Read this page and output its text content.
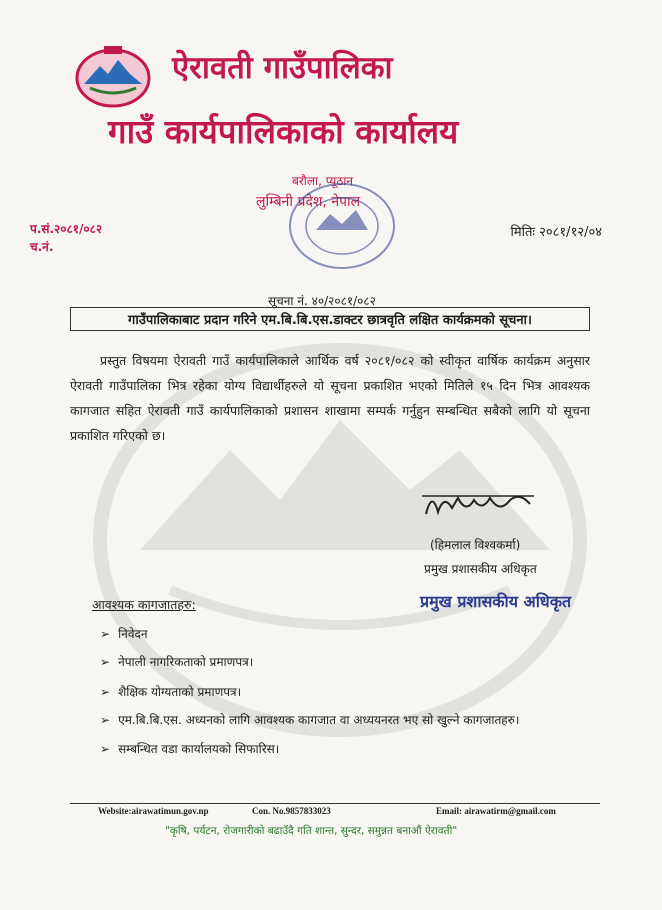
ऐरावती गाउँपालिका
गाउँ कार्यपालिकाको कार्यालय
बरौला, प्यूठान
लुम्बिनी प्रदेश, नेपाल
प.सं.२०८१/०८२
च.नं.
मितिः २०८१/१२/०४
सूचना नं. ४०/२०८१/०८२
गाउँपालिकाबाट प्रदान गरिने एम.बि.बि.एस.डाक्टर छात्रवृति लक्षित कार्यक्रमको सूचना।
प्रस्तुत विषयमा ऐरावती गाउँ कार्यपालिकाले आर्थिक वर्ष २०८१/०८२ को स्वीकृत वार्षिक कार्यक्रम अनुसार ऐरावती गाउँपालिका भित्र रहेका योग्य विद्यार्थीहरुले यो सूचना प्रकाशित भएको मितिले १५ दिन भित्र आवश्यक कागजात सहित ऐरावती गाउँ कार्यपालिकाको प्रशासन शाखामा सम्पर्क गर्नुहुन सम्बन्धित सबैको लागि यो सूचना प्रकाशित गरिएको छ।
(हिमलाल विश्वकर्मा)
प्रमुख प्रशासकीय अधिकृत
प्रमुख प्रशासकीय अधिकृत
आवश्यक कागजातहरु:
➢ निवेदन
➢ नेपाली नागरिकताको प्रमाणपत्र।
➢ शैक्षिक योग्यताको प्रमाणपत्र।
➢ एम.बि.बि.एस. अध्यनको लागि आवश्यक कागजात वा अध्ययनरत भए सो खुल्ने कागजातहरु।
➢ सम्बन्धित वडा कार्यालयको सिफारिस।
Website:airawatimun.gov.np	Con. No.9857833023	Email: airawatirm@gmail.com
"कृषि, पर्यटन, रोजगारीको बढाउँदै गति शान्त, सुन्दर, समुन्नत बनाऔं ऐरावती"
